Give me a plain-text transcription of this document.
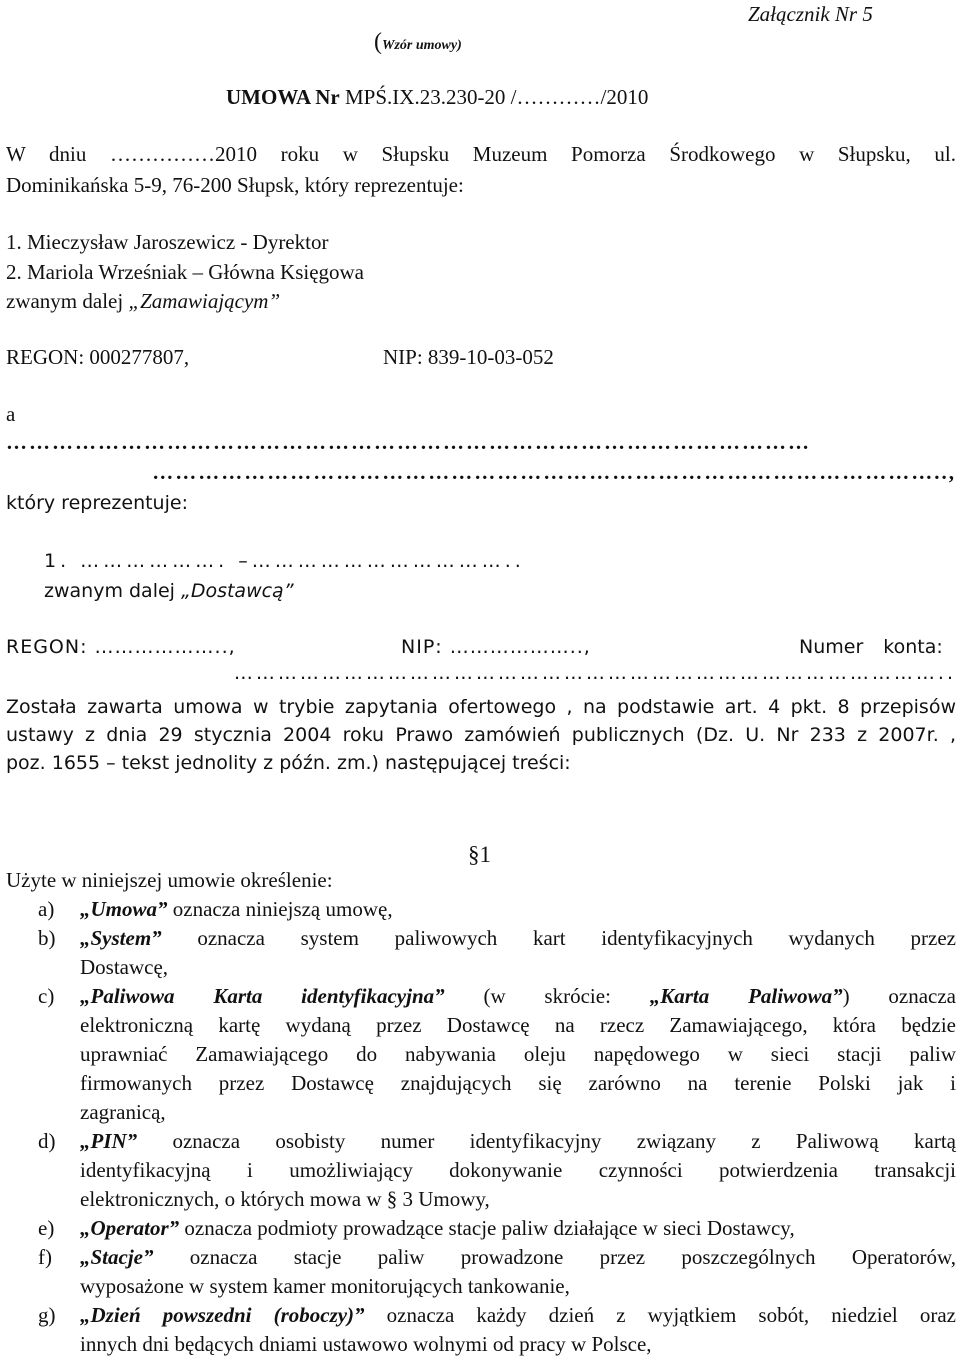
(Wzór umowy)
Załącznik Nr 5
UMOWA Nr MPŚ.IX.23.230-20 /…………/2010
W dniu ……………2010 roku w Słupsku Muzeum Pomorza Środkowego w Słupsku, ul.
Dominikańska 5-9, 76-200 Słupsk, który reprezentuje:
1. Mieczysław Jaroszewicz - Dyrektor
2. Mariola Wrześniak – Główna Księgowa
zwanym dalej „Zamawiającym”
REGON: 000277807,	NIP: 839-10-03-052
a
……………………………………………………………………………………………
…………………………………………………………………………………………..,
który reprezentuje:
1. ………………. –……………………………..
zwanym dalej „Dostawcą”
REGON: ………………..,	NIP: ………………..,	Numer konta:
……………………………………………………………………………………..
Została zawarta umowa w trybie zapytania ofertowego , na podstawie art. 4 pkt. 8 przepisów
ustawy z dnia 29 stycznia 2004 roku Prawo zamówień publicznych (Dz. U. Nr 233 z 2007r. ,
poz. 1655 – tekst jednolity z późn. zm.) następującej treści:
§1
Użyte w niniejszej umowie określenie:
a) „Umowa” oznacza niniejszą umowę,
b) „System” oznacza system paliwowych kart identyfikacyjnych wydanych przez
Dostawcę,
c) „Paliwowa Karta identyfikacyjna” (w skrócie: „Karta Paliwowa”) oznacza
elektroniczną kartę wydaną przez Dostawcę na rzecz Zamawiającego, która będzie
uprawniać Zamawiającego do nabywania oleju napędowego w sieci stacji paliw
firmowanych przez Dostawcę znajdujących się zarówno na terenie Polski jak i
zagranicą,
d) „PIN” oznacza osobisty numer identyfikacyjny związany z Paliwową kartą
identyfikacyjną i umożliwiający dokonywanie czynności potwierdzenia transakcji
elektronicznych, o których mowa w § 3 Umowy,
e) „Operator” oznacza podmioty prowadzące stacje paliw działające w sieci Dostawcy,
f) „Stacje” oznacza stacje paliw prowadzone przez poszczególnych Operatorów,
wyposażone w system kamer monitorujących tankowanie,
g) „Dzień powszedni (roboczy)” oznacza każdy dzień z wyjątkiem sobót, niedziel oraz
innych dni będących dniami ustawowo wolnymi od pracy w Polsce,
